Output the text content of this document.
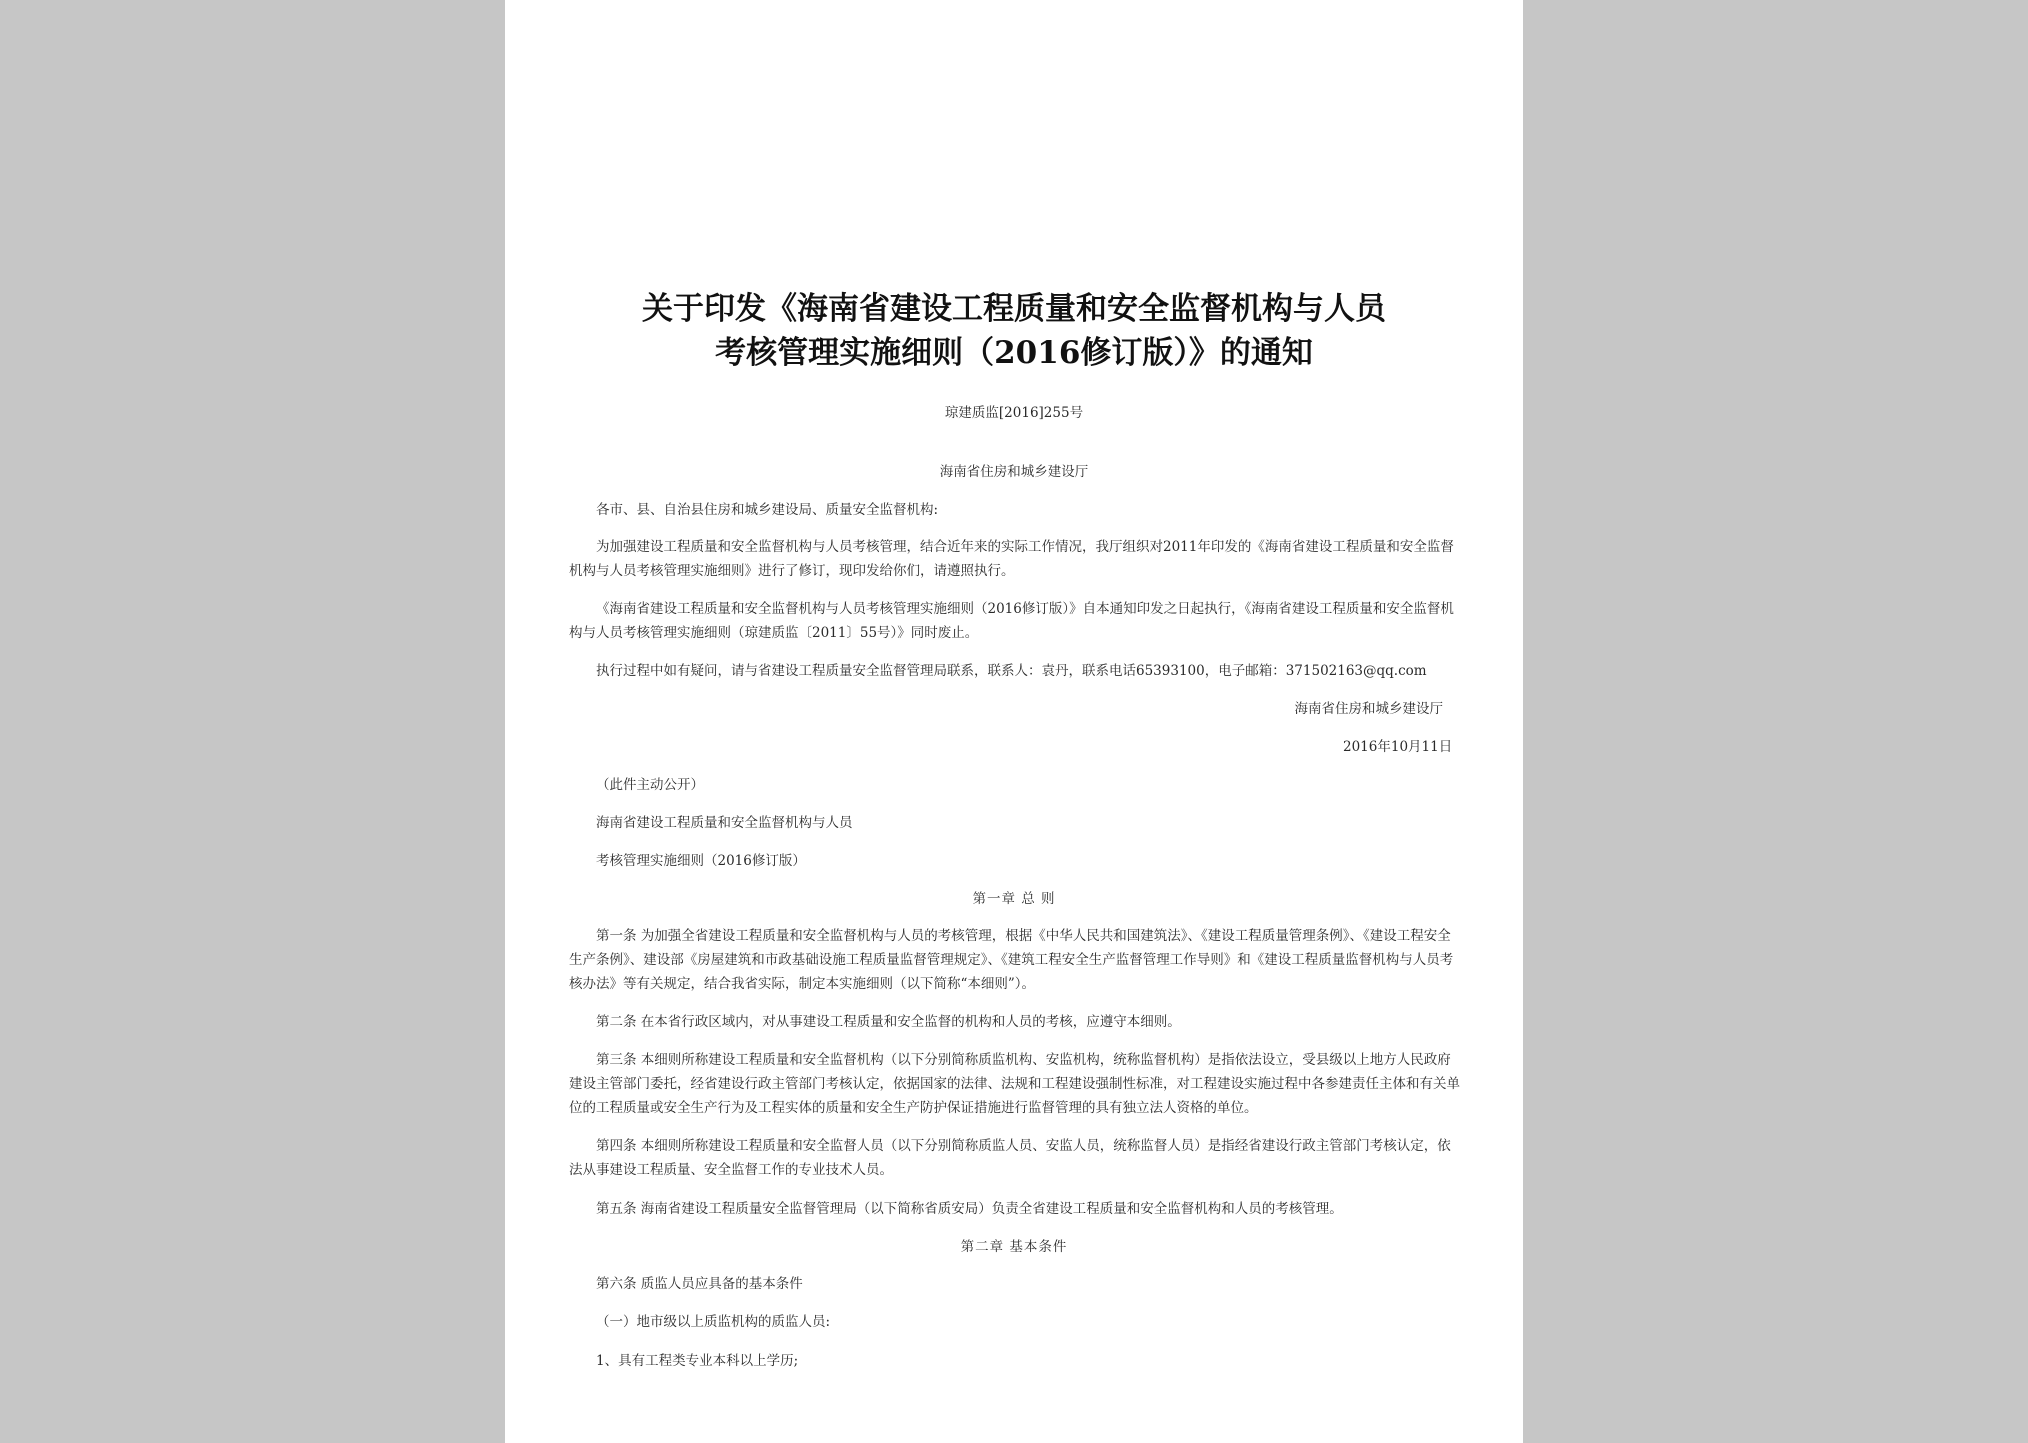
关于印发《海南省建设工程质量和安全监督机构与人员
考核管理实施细则（2016修订版）》的通知
琼建质监[2016]255号
海南省住房和城乡建设厅
各市、县、自治县住房和城乡建设局、质量安全监督机构:

为加强建设工程质量和安全监督机构与人员考核管理，结合近年来的实际工作情况，我厅组织对2011年印发的《海南省建设工程质量和安全监督机构与人员考核管理实施细则》进行了修订，现印发给你们，请遵照执行。

《海南省建设工程质量和安全监督机构与人员考核管理实施细则（2016修订版）》自本通知印发之日起执行，《海南省建设工程质量和安全监督机构与人员考核管理实施细则（琼建质监〔2011〕55号）》同时废止。

执行过程中如有疑问，请与省建设工程质量安全监督管理局联系，联系人：袁丹，联系电话65393100，电子邮箱：371502163@qq.com
海南省住房和城乡建设厅
2016年10月11日
（此件主动公开）
海南省建设工程质量和安全监督机构与人员
考核管理实施细则（2016修订版）
第一章 总 则

第一条 为加强全省建设工程质量和安全监督机构与人员的考核管理，根据《中华人民共和国建筑法》、《建设工程质量管理条例》、《建设工程安全生产条例》、建设部《房屋建筑和市政基础设施工程质量监督管理规定》、《建筑工程安全生产监督管理工作导则》和《建设工程质量监督机构与人员考核办法》等有关规定，结合我省实际，制定本实施细则（以下简称“本细则”）。

第二条 在本省行政区域内，对从事建设工程质量和安全监督的机构和人员的考核，应遵守本细则。

第三条 本细则所称建设工程质量和安全监督机构（以下分别简称质监机构、安监机构，统称监督机构）是指依法设立，受县级以上地方人民政府建设主管部门委托，经省建设行政主管部门考核认定，依据国家的法律、法规和工程建设强制性标准，对工程建设实施过程中各参建责任主体和有关单位的工程质量或安全生产行为及工程实体的质量和安全生产防护保证措施进行监督管理的具有独立法人资格的单位。

第四条 本细则所称建设工程质量和安全监督人员（以下分别简称质监人员、安监人员，统称监督人员）是指经省建设行政主管部门考核认定，依法从事建设工程质量、安全监督工作的专业技术人员。

第五条 海南省建设工程质量安全监督管理局（以下简称省质安局）负责全省建设工程质量和安全监督机构和人员的考核管理。
第二章 基本条件
第六条 质监人员应具备的基本条件
（一）地市级以上质监机构的质监人员:
1、具有工程类专业本科以上学历;
